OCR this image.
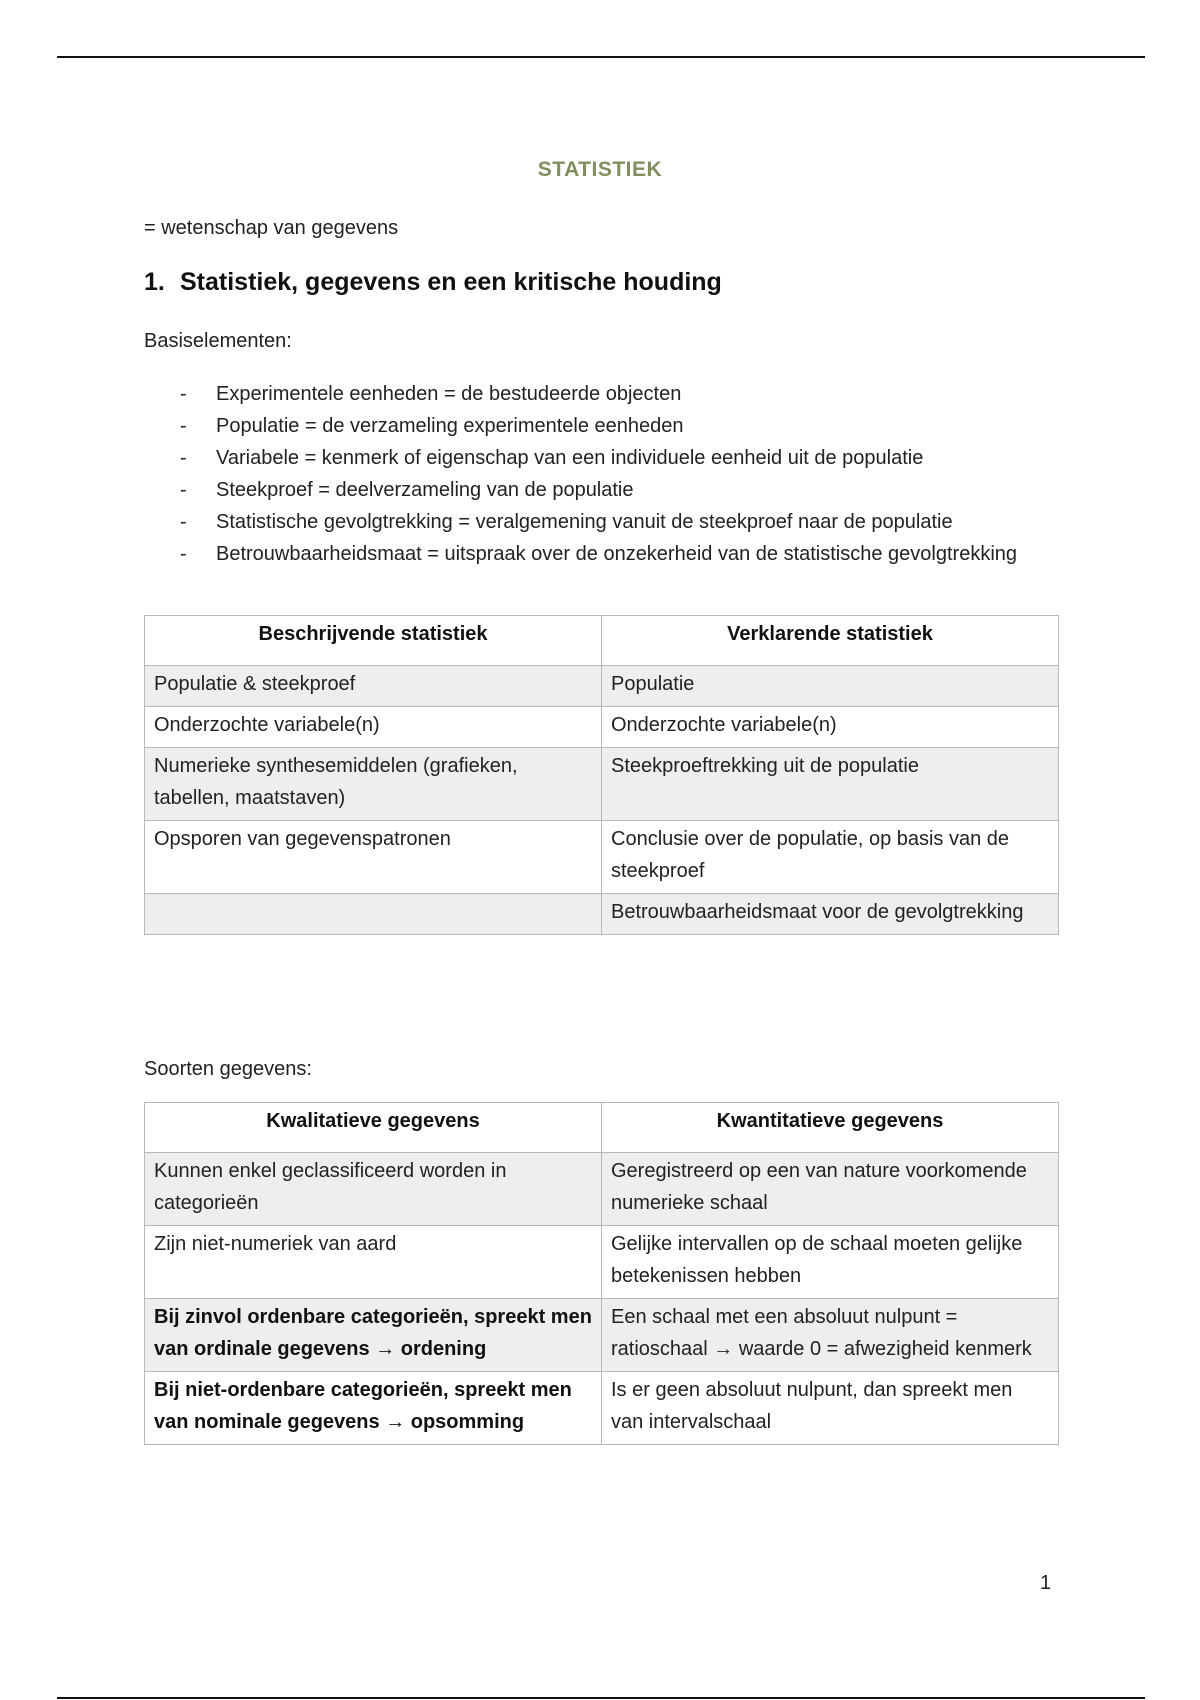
STATISTIEK
= wetenschap van gegevens
1. Statistiek, gegevens en een kritische houding
Basiselementen:
- Experimentele eenheden = de bestudeerde objecten
- Populatie = de verzameling experimentele eenheden
- Variabele = kenmerk of eigenschap van een individuele eenheid uit de populatie
- Steekproef = deelverzameling van de populatie
- Statistische gevolgtrekking = veralgemening vanuit de steekproef naar de populatie
- Betrouwbaarheidsmaat = uitspraak over de onzekerheid van de statistische gevolgtrekking
Beschrijvende statistiek	Verklarende statistiek
Populatie & steekproef	Populatie
Onderzochte variabele(n)	Onderzochte variabele(n)
Numerieke synthesemiddelen (grafieken, tabellen, maatstaven)	Steekproeftrekking uit de populatie
Opsporen van gegevenspatronen	Conclusie over de populatie, op basis van de steekproef
	Betrouwbaarheidsmaat voor de gevolgtrekking
Soorten gegevens:
Kwalitatieve gegevens	Kwantitatieve gegevens
Kunnen enkel geclassificeerd worden in categorieën	Geregistreerd op een van nature voorkomende numerieke schaal
Zijn niet-numeriek van aard	Gelijke intervallen op de schaal moeten gelijke betekenissen hebben
Bij zinvol ordenbare categorieën, spreekt men van ordinale gegevens → ordening	Een schaal met een absoluut nulpunt = ratioschaal → waarde 0 = afwezigheid kenmerk
Bij niet-ordenbare categorieën, spreekt men van nominale gegevens → opsomming	Is er geen absoluut nulpunt, dan spreekt men van intervalschaal
1
